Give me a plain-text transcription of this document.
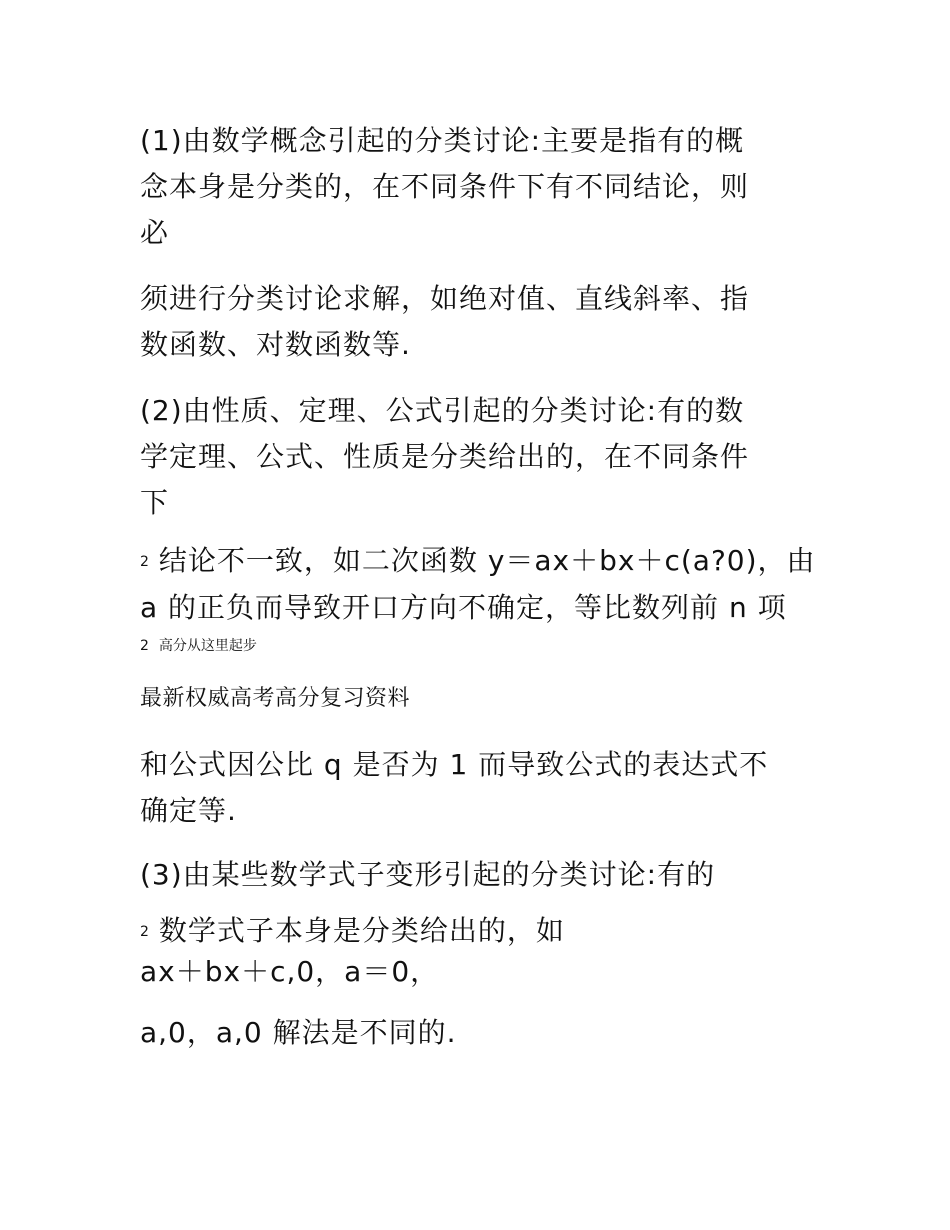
(1)由数学概念引起的分类讨论:主要是指有的概
念本身是分类的，在不同条件下有不同结论，则
必
须进行分类讨论求解，如绝对值、直线斜率、指
数函数、对数函数等.
(2)由性质、定理、公式引起的分类讨论:有的数
学定理、公式、性质是分类给出的，在不同条件
下
$^2$ 结论不一致，如二次函数 y＝ax＋bx＋c(a?0)，由
a 的正负而导致开口方向不确定，等比数列前 n 项
2 高分从这里起步
最新权威高考高分复习资料
和公式因公比 q 是否为 1 而导致公式的表达式不
确定等.
(3)由某些数学式子变形引起的分类讨论:有的
$^2$ 数学式子本身是分类给出的，如
ax＋bx＋c,0，a＝0，
a,0，a,0 解法是不同的.
